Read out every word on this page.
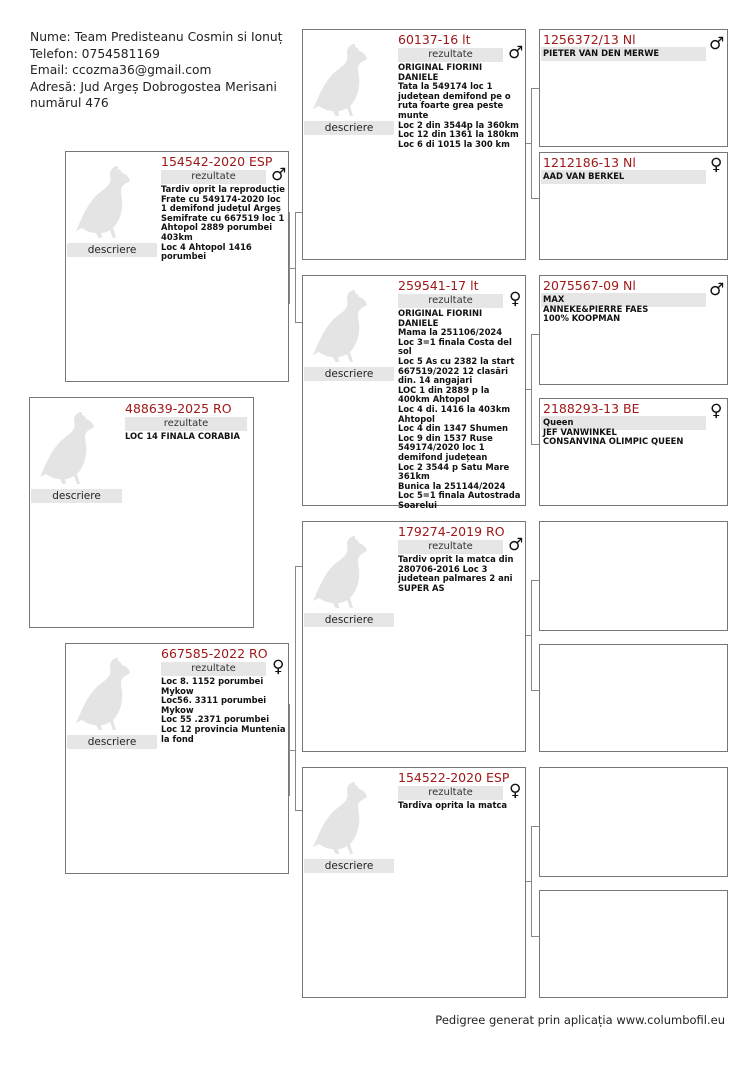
Nume: Team Predisteanu Cosmin si Ionuț
Telefon: 0754581169
Email: ccozma36@gmail.com
Adresă: Jud Argeș Dobrogostea Merisani
numărul 476
descriere
488639-2025 RO
rezultate
LOC 14 FINALA CORABIA
descriere
154542-2020 ESP
rezultate	♂
Tardiv oprit la reproducție
Frate cu 549174-2020 loc 1 demifond județul Argeș
Semifrate cu 667519 loc 1 Ahtopol 2889 porumbei 403km
Loc 4 Ahtopol 1416 porumbei
descriere
667585-2022 RO
rezultate	♀
Loc 8. 1152 porumbei Mykow
Loc56. 3311 porumbei Mykow
Loc 55 .2371 porumbei
Loc 12 provincia Muntenia la fond
descriere
60137-16 lt
rezultate	♂
ORIGINAL FIORINI DANIELE
Tata la 549174 loc 1 județean demifond pe o ruta foarte grea peste munte
Loc 2 din 3544p la 360km
Loc 12 din 1361 la 180km
Loc 6 di 1015 la 300 km
descriere
259541-17 lt
rezultate	♀
ORIGINAL FIORINI DANIELE
Mama la 251106/2024
Loc 3=1 finala Costa del sol
Loc 5 As cu 2382 la start 667519/2022 12 clasări din. 14 angajari
LOC 1 din 2889 p la 400km Ahtopol
Loc 4 di. 1416 la 403km Ahtopol
Loc 4 din 1347 Shumen
Loc 9 din 1537 Ruse
549174/2020 loc 1 demifond județean
Loc 2 3544 p Satu Mare 361km
Bunica la 251144/2024
Loc 5=1 finala Autostrada Soarelui
descriere
179274-2019 RO
rezultate	♂
Tardiv oprit la matca din 280706-2016 Loc 3 judetean palmares 2 ani SUPER AS
descriere
154522-2020 ESP
rezultate	♀
Tardiva oprita la matca
1256372/13 Nl	♂
PIETER VAN DEN MERWE
1212186-13 Nl	♀
AAD VAN BERKEL
2075567-09 Nl	♂
MAX
ANNEKE&PIERRE FAES
100% KOOPMAN
2188293-13 BE	♀
Queen
JEF VANWINKEL
CONSANVINA OLIMPIC QUEEN
Pedigree generat prin aplicația www.columbofil.eu
